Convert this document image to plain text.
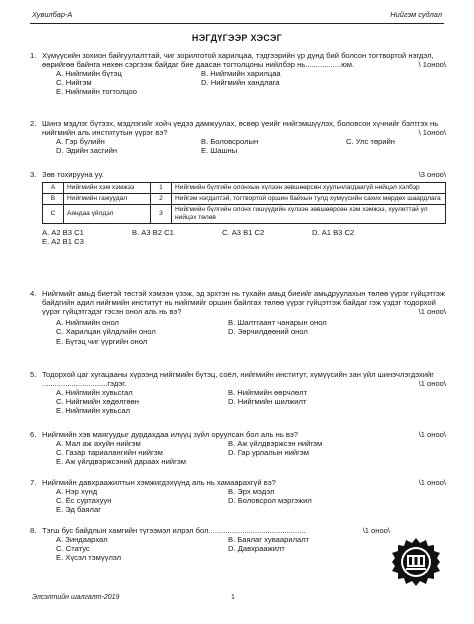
Хувилбар-А	Нийгэм судлал
НЭГДҮГЭЭР ХЭСЭГ
1. Хүмүүсийн зохион байгуулалттай, чиг зорилготой харилцаа, тэдгээрийн үр дүнд бий болсон тогтвортой нэгдэл, өөрийгөө байнга нөхөн сэргээж байдаг бие даасан тогтолцоны нийлбэр нь.................юм.	\ 1оноо\
А. Нийгмийн бүтэц	В. Нийгмийн харилцаа
С. Нийгэм	D. Нийгмийн хандлага
Е. Нийгмийн тогтолцоо
2. Шинэ мэдлэг бүтээх, мэдлэгийг хойч үедээ дамжуулах, өсвөр үеийг нийгэмшүүлэх, боловсон хүчнийг бэлтгэх нь нийгмийн аль институтын үүрэг вэ?	\ 1оноо\
А. Гэр бүлийн	В. Боловсролын	С. Улс төрийн
D. Эдийн засгийн	Е. Шашны
3. Зөв тохирууна уу.	\3 оноо\
А	Нийгмийн хэм хэмжээ	1	Нийгмийн бүлгийн олонхын хүлээн зөвшөөрсөн хуульчлагдаагүй нийцэл хэлбэр
В	Нийгмийн гажуудал	2	Нийгэм нэгдэлтэй, тогтвортой оршин байхын тулд хүмүүсийн сахих мөрдөх шаардлага
С	Аяндаа үйлдэл	3	Нийгмийн бүлгийн олонх гишүүдийн хүлээн зөвшөөрсөн хэм хэмжээ, хуулиттай ул нийцэх төлөв
А. А2 В3 С1	В. А3 В2 С1	С. А3 В1 С2	D. А1 В3 С2
Е. А2 В1 С3
4. Нийгмийг амьд биетэй төстэй хэмээн үзэж, эд эрхтэн нь тухайн амьд биеийг амьдруулахын төлөө үүрэг гүйцэтгэж байдгийн адил нийгмийн институт нь нийгмийг оршин байлгах төлөө үүрэг гүйцэтгэж байдаг гэж үздэг тодорхой үүрэг гүйцэтгэдэг гэсэн онол аль нь вэ?	\1 оноо\
А. Нийгмийн онол	В. Шалтгаант чанарын онол
С. Харилцан үйлдлийн онол	D. Зөрчилдөөний онол
Е. Бүтэц чиг үүргийн онол
5. Тодорхой цаг хугацааны хүрээнд нийгмийн бүтэц, соёл, нийгмийн институт, хүмүүсийн зан үйл шинэчлэгдэхийг ...............................гэдэг.	\1 оноо\
А. Нийгмийн хувьсгал	В. Нийгмийн өөрчлөлт
С. Нийгмийн хөдөлгөөн	D. Нийгмийн шилжилт
Е. Нийгмийн хувьсал
6. Нийгмийн хэв маягуудыг дурдахдаа илүүц зүйл оруулсан бол аль нь вэ?	\1 оноо\
А. Мал аж ахуйн нийгэм	В. Аж үйлдвэржсэн нийгэм
С. Газар тариалангийн нийгэм	D. Гар урлалын нийгэм
Е. Аж үйлдвэржсэний дараах нийгэм
7. Нийгмийн давхраажилтын хэмжигдэхүүнд аль нь хамаарахгүй вэ?	\1 оноо\
А. Нэр хүнд	В. Эрх мэдэл
С. Ёс суртахуун	D. Боловсрол мэргэжил
Е. Эд баялаг
8. Тэгш бус байдлын хамгийн түгээмэл илрэл бол..............................................	\1 оноо\
А. Зиндаархал	В. Баялаг хуваарилалт
С. Статус	D. Давхраажилт
Е. Хүсэл тэмүүлэл
Элсэлтийн шалгалт-2019	1
